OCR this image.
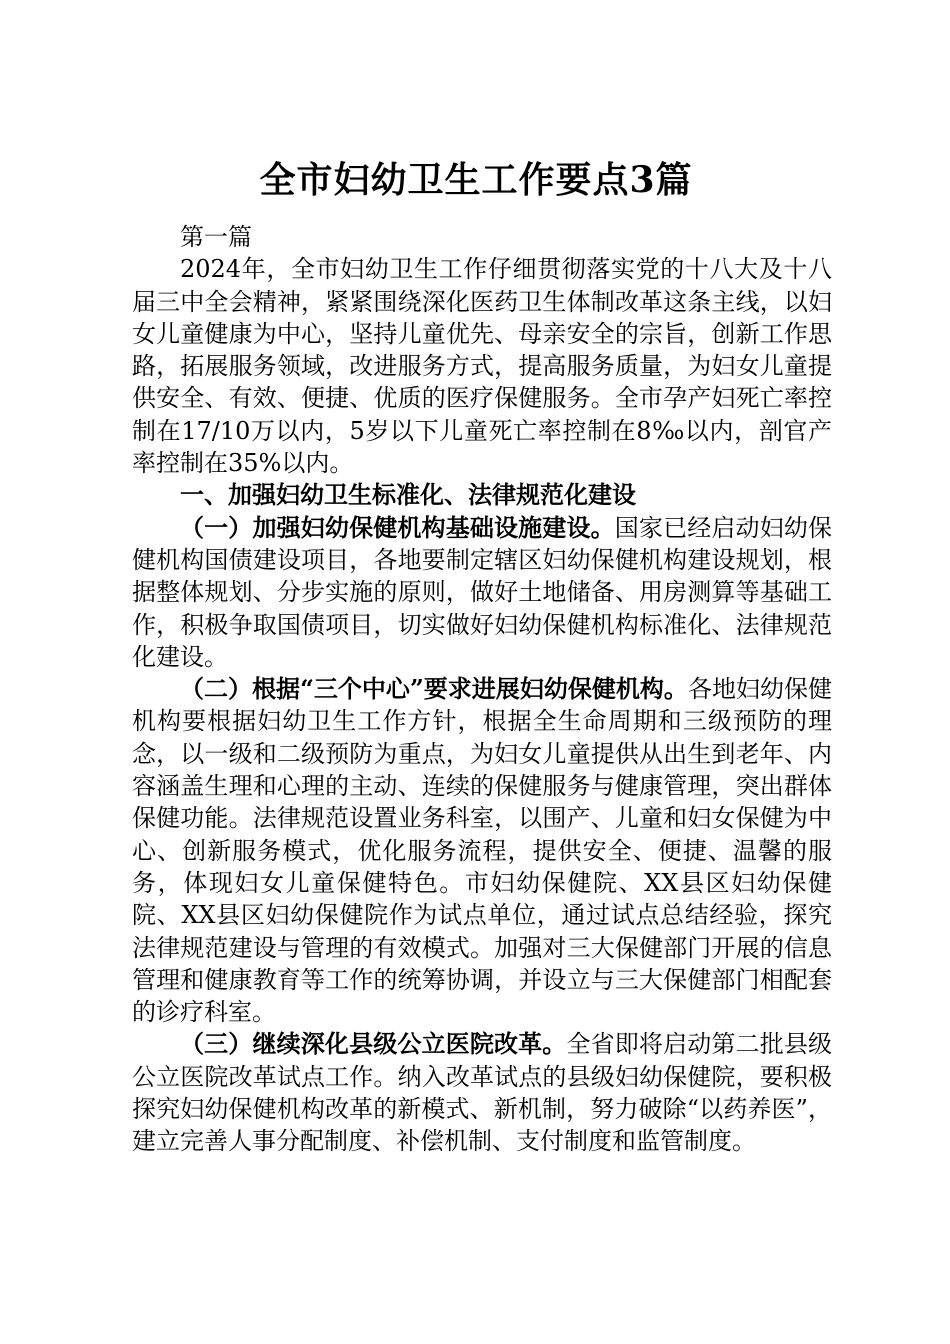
全市妇幼卫生工作要点3篇

第一篇

2024年，全市妇幼卫生工作仔细贯彻落实党的十八大及十八届三中全会精神，紧紧围绕深化医药卫生体制改革这条主线，以妇女儿童健康为中心，坚持儿童优先、母亲安全的宗旨，创新工作思路，拓展服务领域，改进服务方式，提高服务质量，为妇女儿童提供安全、有效、便捷、优质的医疗保健服务。全市孕产妇死亡率控制在17/10万以内，5岁以下儿童死亡率控制在8‰以内，剖官产率控制在35%以内。

一、加强妇幼卫生标准化、法律规范化建设

（一）加强妇幼保健机构基础设施建设。国家已经启动妇幼保健机构国债建设项目，各地要制定辖区妇幼保健机构建设规划，根据整体规划、分步实施的原则，做好土地储备、用房测算等基础工作，积极争取国债项目，切实做好妇幼保健机构标准化、法律规范化建设。

（二）根据“三个中心”要求进展妇幼保健机构。各地妇幼保健机构要根据妇幼卫生工作方针，根据全生命周期和三级预防的理念，以一级和二级预防为重点，为妇女儿童提供从出生到老年、内容涵盖生理和心理的主动、连续的保健服务与健康管理，突出群体保健功能。法律规范设置业务科室，以围产、儿童和妇女保健为中心、创新服务模式，优化服务流程，提供安全、便捷、温馨的服务，体现妇女儿童保健特色。市妇幼保健院、XX县区妇幼保健院、XX县区妇幼保健院作为试点单位，通过试点总结经验，探究法律规范建设与管理的有效模式。加强对三大保健部门开展的信息管理和健康教育等工作的统筹协调，并设立与三大保健部门相配套的诊疗科室。

（三）继续深化县级公立医院改革。全省即将启动第二批县级公立医院改革试点工作。纳入改革试点的县级妇幼保健院，要积极探究妇幼保健机构改革的新模式、新机制，努力破除“以药养医”，建立完善人事分配制度、补偿机制、支付制度和监管制度。
